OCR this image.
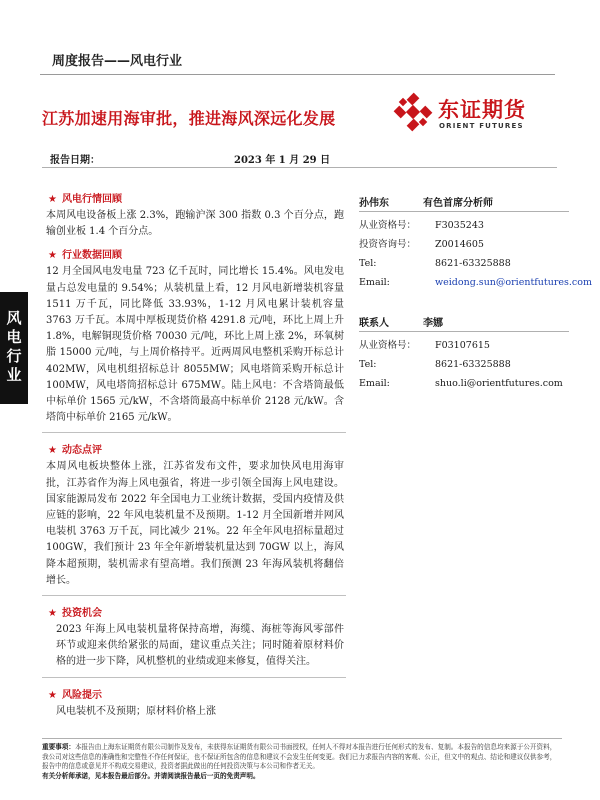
周度报告——风电行业
江苏加速用海审批，推进海风深远化发展	东证期货
ORIENT FUTURES
报告日期：	2023 年 1 月 29 日
风电行业
★ 风电行情回顾
本周风电设备板上涨 2.3%，跑输沪深 300 指数 0.3 个百分点，跑输创业板 1.4 个百分点。
★ 行业数据回顾
12 月全国风电发电量 723 亿千瓦时，同比增长 15.4%。风电发电量占总发电量的 9.54%；从装机量上看，12 月风电新增装机容量 1511 万千瓦，同比降低 33.93%，1-12 月风电累计装机容量 3763 万千瓦。本周中厚板现货价格 4291.8 元/吨，环比上周上升 1.8%，电解铜现货价格 70030 元/吨，环比上周上涨 2%，环氧树脂 15000 元/吨，与上周价格持平。近两周风电整机采购开标总计 402MW，风电机组招标总计 8055MW；风电塔筒采购开标总计 100MW，风电塔筒招标总计 675MW。陆上风电：不含塔筒最低中标单价 1565 元/kW，不含塔筒最高中标单价 2128 元/kW。含塔筒中标单价 2165 元/kW。
★ 动态点评
本周风电板块整体上涨，江苏省发布文件，要求加快风电用海审批，江苏省作为海上风电强省，将进一步引领全国海上风电建设。国家能源局发布 2022 年全国电力工业统计数据，受国内疫情及供应链的影响，22 年风电装机量不及预期。1-12 月全国新增并网风电装机 3763 万千瓦，同比减少 21%。22 年全年风电招标量超过 100GW，我们预计 23 年全年新增装机量达到 70GW 以上，海风降本超预期，装机需求有望高增。我们预测 23 年海风装机将翻倍增长。
★ 投资机会
2023 年海上风电装机量将保持高增，海缆、海桩等海风零部件环节或迎来供给紧张的局面，建议重点关注；同时随着原材料价格的进一步下降，风机整机的业绩或迎来修复，值得关注。
★ 风险提示
风电装机不及预期；原材料价格上涨
孙伟东	有色首席分析师
从业资格号： F3035243
投资咨询号： Z0014605
Tel:	8621-63325888
Email:	weidong.sun@orientfutures.com
联系人	李娜
从业资格号： F03107615
Tel:	8621-63325888
Email:	shuo.li@orientfutures.com
重要事项：本报告由上海东证期货有限公司制作及发布，未获得东证期货有限公司书面授权，任何人不得对本报告进行任何形式的发布、复制。本报告的信息均来源于公开资料，我公司对这些信息的准确性和完整性不作任何保证，也不保证所包含的信息和建议不会发生任何变更。我们已力求报告内容的客观、公正，但文中的观点、结论和建议仅供参考，报告中的信息或意见并不构成交易建议，投资者据此做出的任何投资决策与本公司和作者无关。
有关分析师承诺，见本报告最后部分。并请阅读报告最后一页的免责声明。
